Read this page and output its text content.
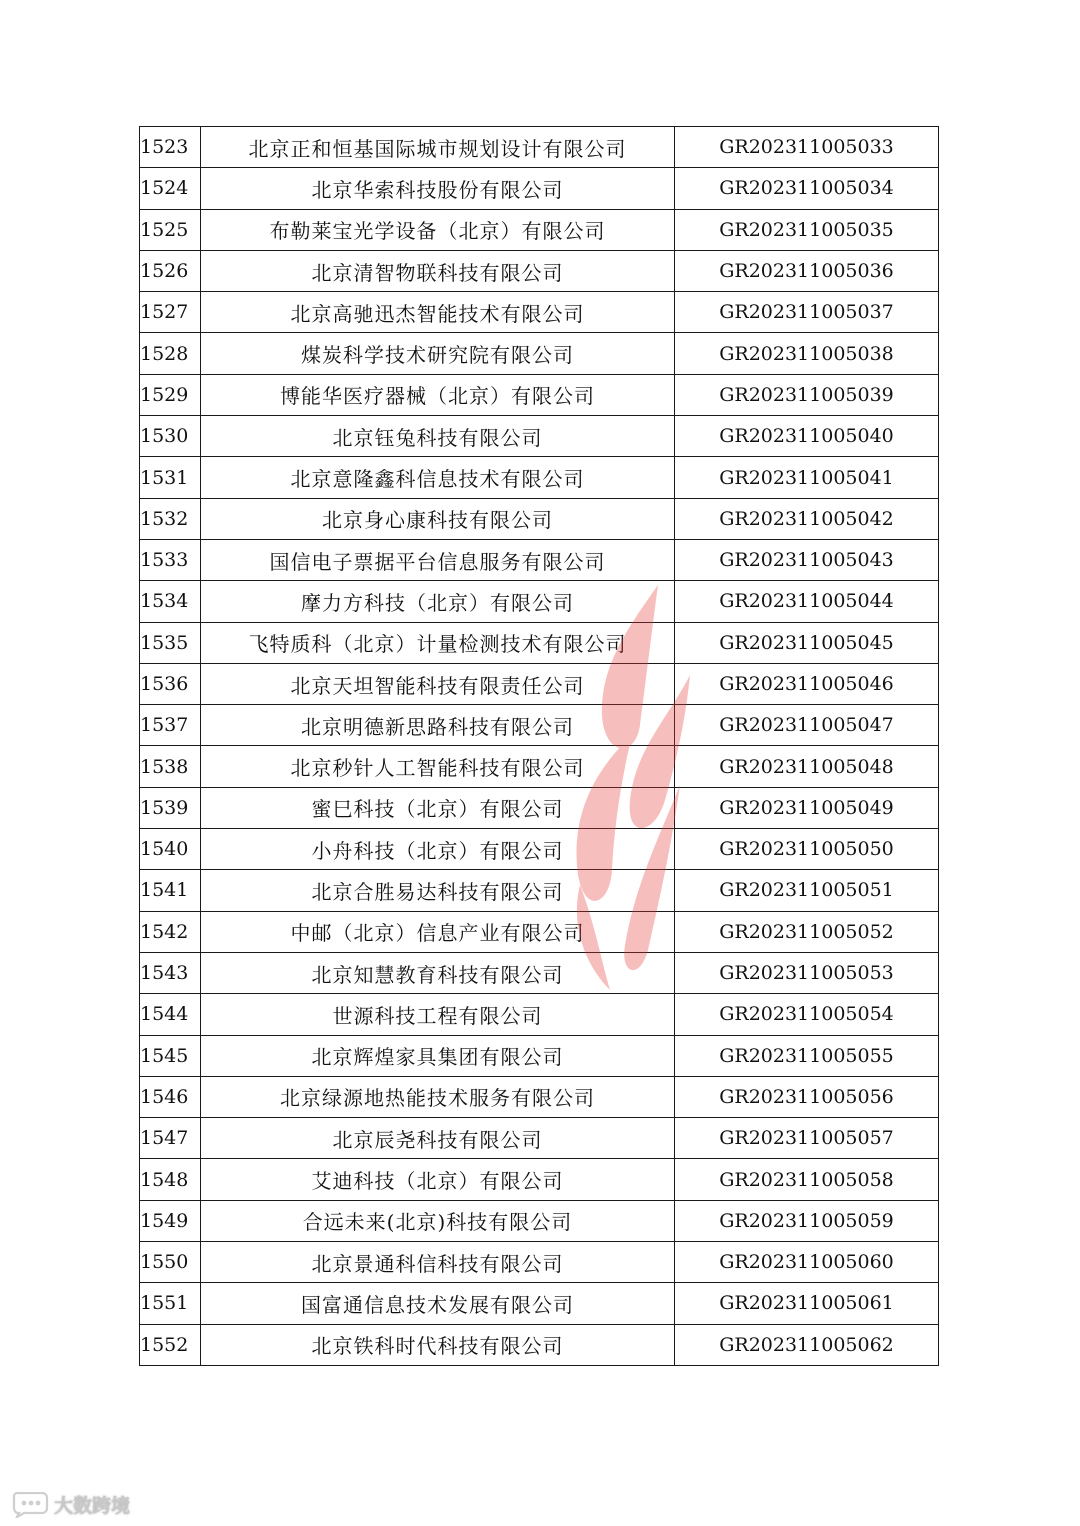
1523	北京正和恒基国际城市规划设计有限公司	GR202311005033
1524	北京华索科技股份有限公司	GR202311005034
1525	布勒莱宝光学设备（北京）有限公司	GR202311005035
1526	北京清智物联科技有限公司	GR202311005036
1527	北京高驰迅杰智能技术有限公司	GR202311005037
1528	煤炭科学技术研究院有限公司	GR202311005038
1529	博能华医疗器械（北京）有限公司	GR202311005039
1530	北京钰兔科技有限公司	GR202311005040
1531	北京意隆鑫科信息技术有限公司	GR202311005041
1532	北京身心康科技有限公司	GR202311005042
1533	国信电子票据平台信息服务有限公司	GR202311005043
1534	摩力方科技（北京）有限公司	GR202311005044
1535	飞特质科（北京）计量检测技术有限公司	GR202311005045
1536	北京天坦智能科技有限责任公司	GR202311005046
1537	北京明德新思路科技有限公司	GR202311005047
1538	北京秒针人工智能科技有限公司	GR202311005048
1539	蜜巳科技（北京）有限公司	GR202311005049
1540	小舟科技（北京）有限公司	GR202311005050
1541	北京合胜易达科技有限公司	GR202311005051
1542	中邮（北京）信息产业有限公司	GR202311005052
1543	北京知慧教育科技有限公司	GR202311005053
1544	世源科技工程有限公司	GR202311005054
1545	北京辉煌家具集团有限公司	GR202311005055
1546	北京绿源地热能技术服务有限公司	GR202311005056
1547	北京辰尧科技有限公司	GR202311005057
1548	艾迪科技（北京）有限公司	GR202311005058
1549	合远未来(北京)科技有限公司	GR202311005059
1550	北京景通科信科技有限公司	GR202311005060
1551	国富通信息技术发展有限公司	GR202311005061
1552	北京铁科时代科技有限公司	GR202311005062
大数跨境
